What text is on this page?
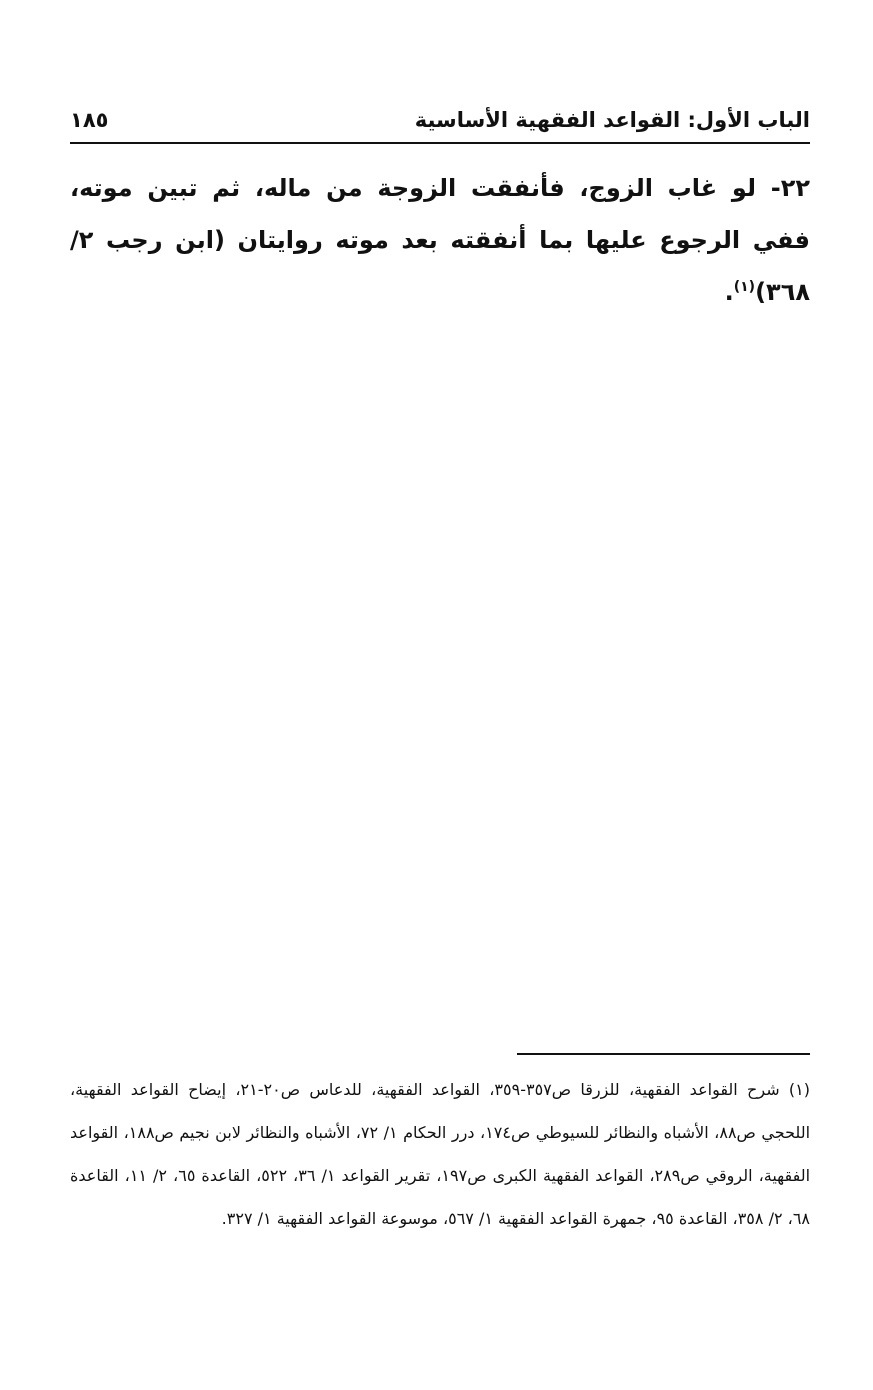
الباب الأول: القواعد الفقهية الأساسية
١٨٥

٢٢- لو غاب الزوج، فأنفقت الزوجة من ماله، ثم تبين موته، ففي الرجوع عليها بما أنفقته بعد موته روايتان (ابن رجب ٢/ ٣٦٨)$^{(١)}$.

(١) شرح القواعد الفقهية، للزرقا ص٣٥٧-٣٥٩، القواعد الفقهية، للدعاس ص٢٠-٢١، إيضاح القواعد الفقهية، اللحجي ص٨٨، الأشباه والنظائر للسيوطي ص١٧٤، درر الحكام ١/ ٧٢، الأشباه والنظائر لابن نجيم ص١٨٨، القواعد الفقهية، الروقي ص٢٨٩، القواعد الفقهية الكبرى ص١٩٧، تقرير القواعد ١/ ٣٦، ٥٢٢، القاعدة ٦٥، ٢/ ١١، القاعدة ٦٨، ٢/ ٣٥٨، القاعدة ٩٥، جمهرة القواعد الفقهية ١/ ٥٦٧، موسوعة القواعد الفقهية ١/ ٣٢٧.
